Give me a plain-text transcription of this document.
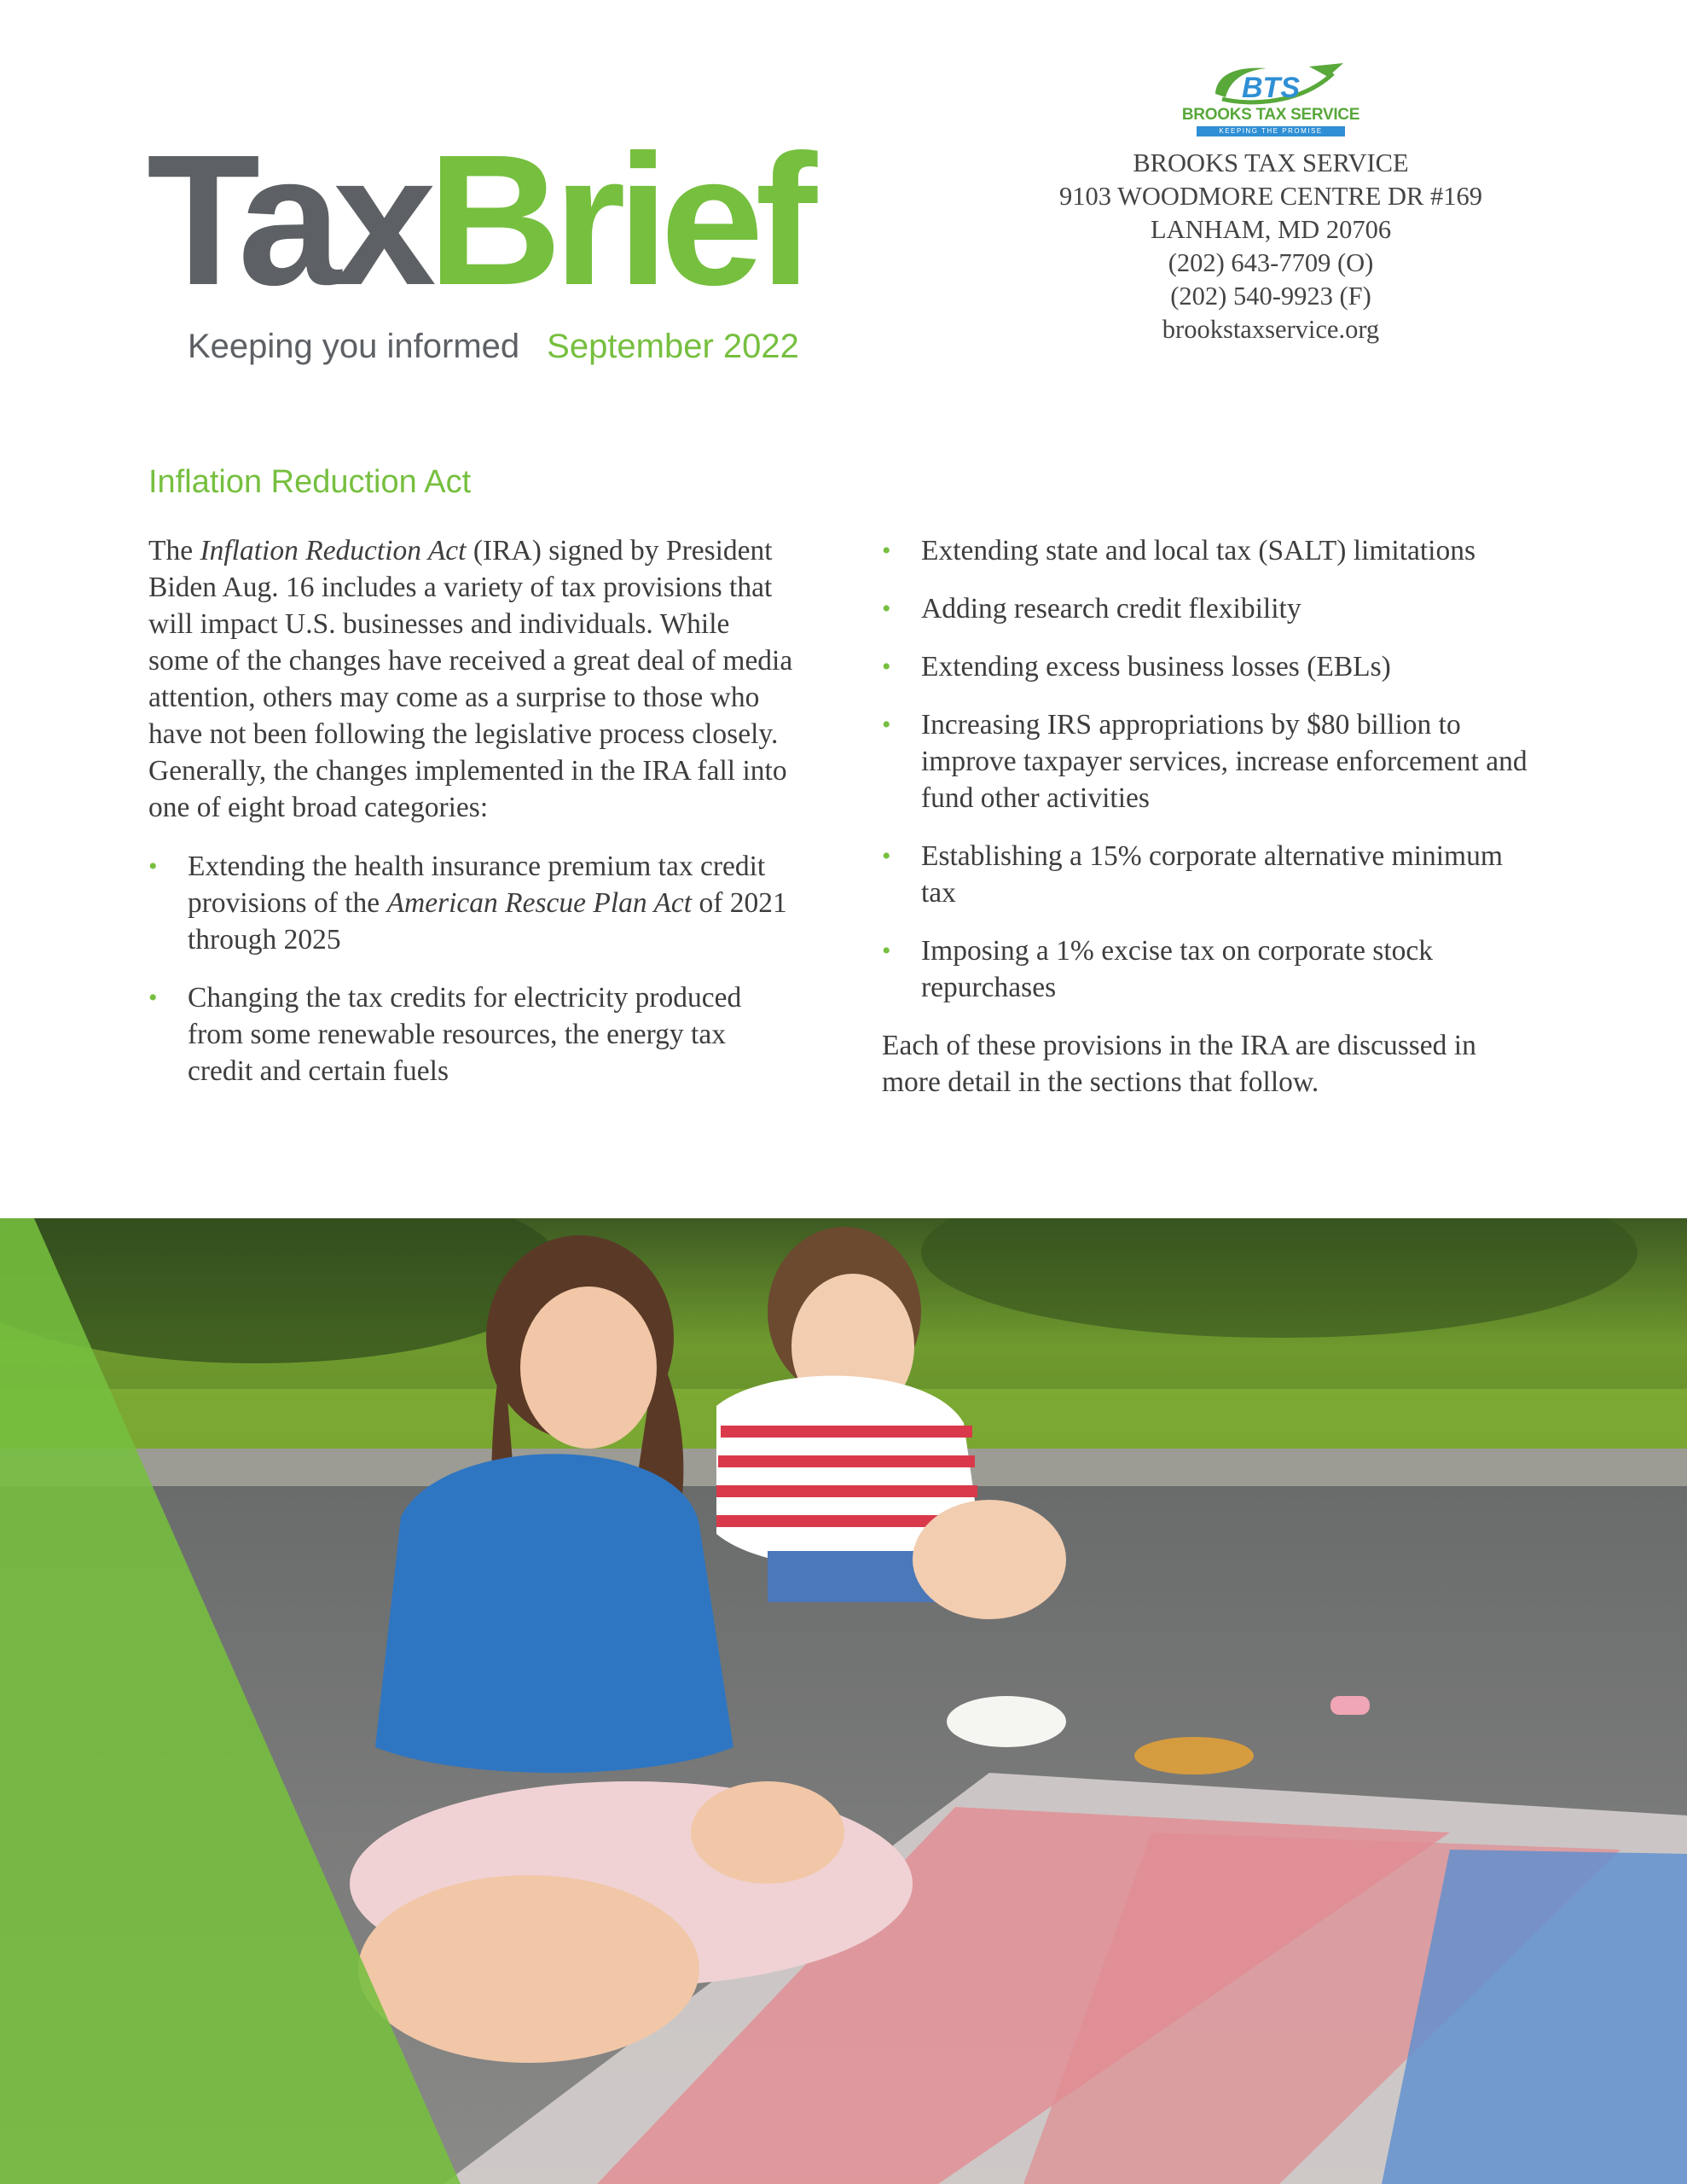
TaxBrief
Keeping you informed September 2022
BTS
BROOKS TAX SERVICE
KEEPING THE PROMISE
BROOKS TAX SERVICE
9103 WOODMORE CENTRE DR #169
LANHAM, MD 20706
(202) 643-7709 (O)
(202) 540-9923 (F)
brookstaxservice.org
Inflation Reduction Act

The Inflation Reduction Act (IRA) signed by President Biden Aug. 16 includes a variety of tax provisions that will impact U.S. businesses and individuals. While some of the changes have received a great deal of media attention, others may come as a surprise to those who have not been following the legislative process closely. Generally, the changes implemented in the IRA fall into one of eight broad categories:

• Extending the health insurance premium tax credit provisions of the American Rescue Plan Act of 2021 through 2025
• Changing the tax credits for electricity produced from some renewable resources, the energy tax credit and certain fuels
• Extending state and local tax (SALT) limitations
• Adding research credit flexibility
• Extending excess business losses (EBLs)
• Increasing IRS appropriations by $80 billion to improve taxpayer services, increase enforcement and fund other activities
• Establishing a 15% corporate alternative minimum tax
• Imposing a 1% excise tax on corporate stock repurchases

Each of these provisions in the IRA are discussed in more detail in the sections that follow.
